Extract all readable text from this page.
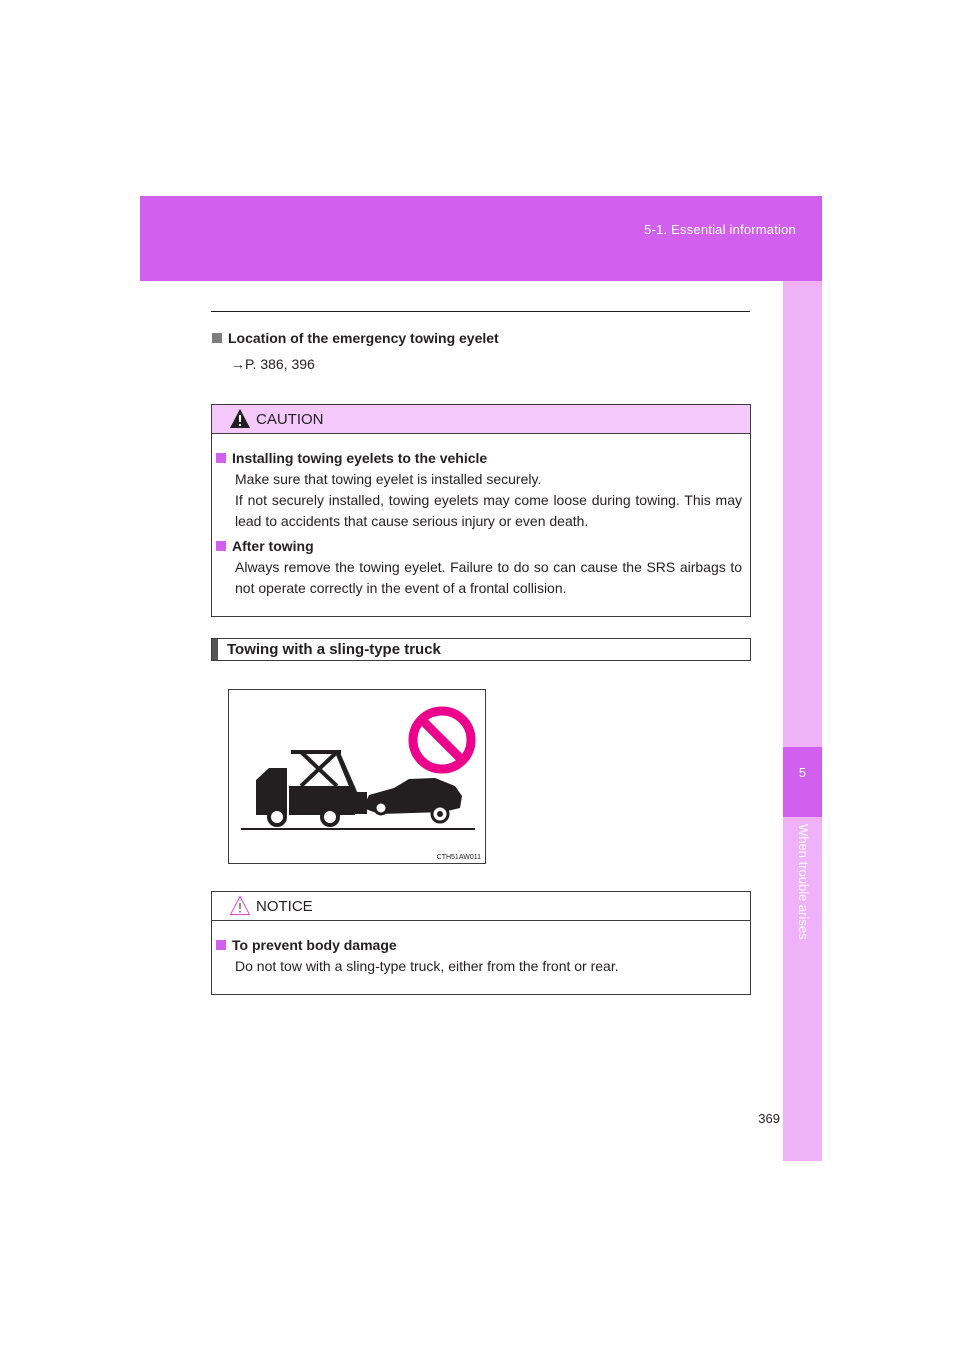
5-1. Essential information
5
When trouble arises
Location of the emergency towing eyelet
→P. 386, 396
CAUTION
Installing towing eyelets to the vehicle
Make sure that towing eyelet is installed securely.
If not securely installed, towing eyelets may come loose during towing. This may lead to accidents that cause serious injury or even death.
After towing
Always remove the towing eyelet. Failure to do so can cause the SRS airbags to not operate correctly in the event of a frontal collision.
Towing with a sling-type truck
CTH51AW011
NOTICE
To prevent body damage
Do not tow with a sling-type truck, either from the front or rear.
369
